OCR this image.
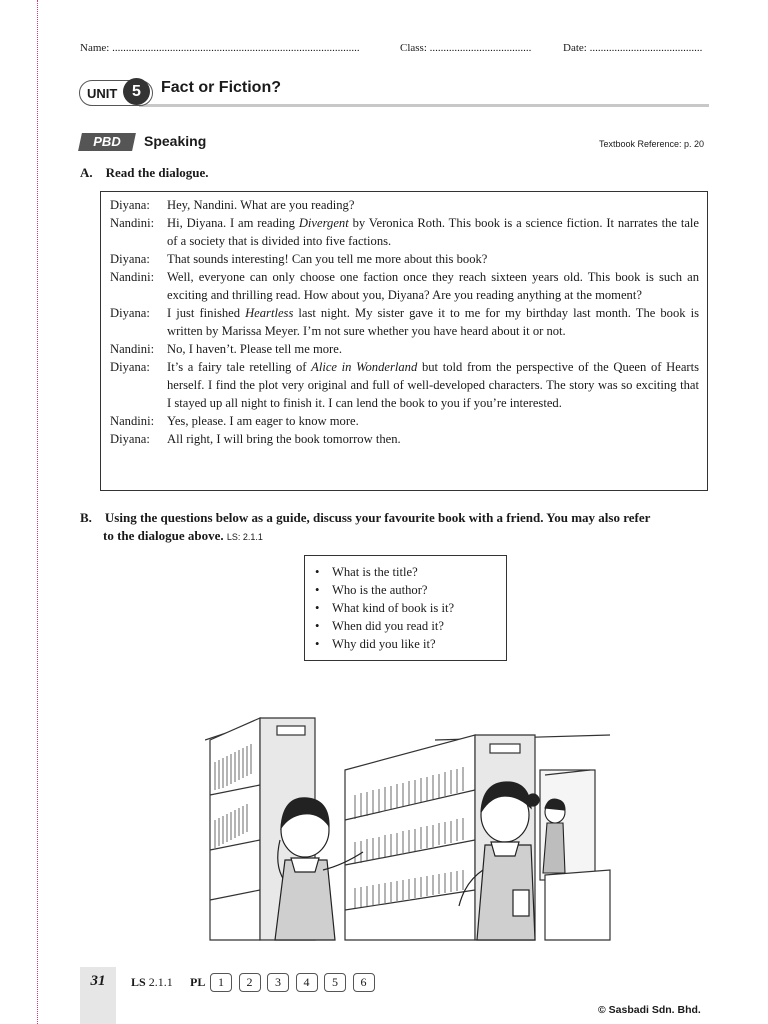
Name: ..........................................................................................	Class: .....................................	Date: .........................................
UNIT 5	Fact or Fiction?
PBD	Speaking	Textbook Reference: p. 20
A. Read the dialogue.
Diyana:	Hey, Nandini. What are you reading?
Nandini:	Hi, Diyana. I am reading Divergent by Veronica Roth. This book is a science fiction. It narrates the tale of a society that is divided into five factions.
Diyana:	That sounds interesting! Can you tell me more about this book?
Nandini:	Well, everyone can only choose one faction once they reach sixteen years old. This book is such an exciting and thrilling read. How about you, Diyana? Are you reading anything at the moment?
Diyana:	I just finished Heartless last night. My sister gave it to me for my birthday last month. The book is written by Marissa Meyer. I’m not sure whether you have heard about it or not.
Nandini:	No, I haven’t. Please tell me more.
Diyana:	It’s a fairy tale retelling of Alice in Wonderland but told from the perspective of the Queen of Hearts herself. I find the plot very original and full of well-developed characters. The story was so exciting that I stayed up all night to finish it. I can lend the book to you if you’re interested.
Nandini:	Yes, please. I am eager to know more.
Diyana:	All right, I will bring the book tomorrow then.
B. Using the questions below as a guide, discuss your favourite book with a friend. You may also refer
to the dialogue above. LS: 2.1.1
• What is the title?
• Who is the author?
• What kind of book is it?
• When did you read it?
• Why did you like it?
31	LS 2.1.1 PL	1	2	3	4	5	6
© Sasbadi Sdn. Bhd.
